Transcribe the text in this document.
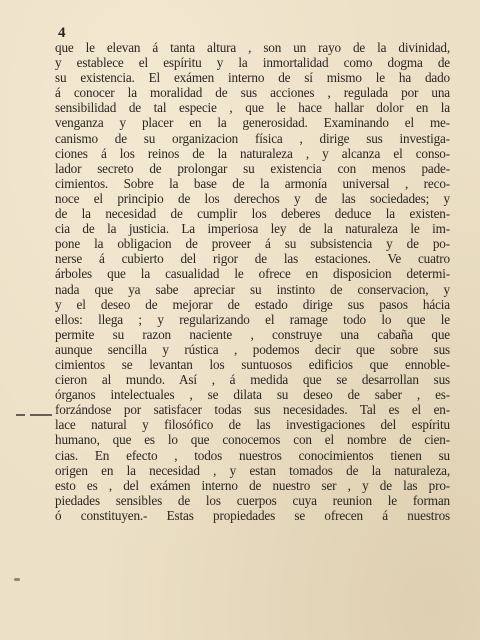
4
que le elevan á tanta altura , son un rayo de la divinidad,
y establece el espíritu y la inmortalidad como dogma de
su existencia. El exámen interno de sí mismo le ha dado
á conocer la moralidad de sus acciones , regulada por una
sensibilidad de tal especie , que le hace hallar dolor en la
venganza y placer en la generosidad. Examinando el me-
canismo de su organizacion física , dirige sus investiga-
ciones á los reinos de la naturaleza , y alcanza el conso-
lador secreto de prolongar su existencia con menos pade-
cimientos. Sobre la base de la armonía universal , reco-
noce el principio de los derechos y de las sociedades; y
de la necesidad de cumplir los deberes deduce la existen-
cia de la justicia. La imperiosa ley de la naturaleza le im-
pone la obligacion de proveer á su subsistencia y de po-
nerse á cubierto del rigor de las estaciones. Ve cuatro
árboles que la casualidad le ofrece en disposicion determi-
nada que ya sabe apreciar su instinto de conservacion, y
y el deseo de mejorar de estado dirige sus pasos hácia
ellos: llega ; y regularizando el ramage todo lo que le
permite su razon naciente , construye una cabaña que
aunque sencilla y rústica , podemos decir que sobre sus
cimientos se levantan los suntuosos edificios que ennoble-
cieron al mundo. Así , á medida que se desarrollan sus
órganos intelectuales , se dilata su deseo de saber , es-
forzándose por satisfacer todas sus necesidades. Tal es el en-
lace natural y filosófico de las investigaciones del espíritu
humano, que es lo que conocemos con el nombre de cien-
cias. En efecto , todos nuestros conocimientos tienen su
origen en la necesidad , y estan tomados de la naturaleza,
esto es , del exámen interno de nuestro ser , y de las pro-
piedades sensibles de los cuerpos cuya reunion le forman
ó constituyen.- Estas propiedades se ofrecen á nuestros
